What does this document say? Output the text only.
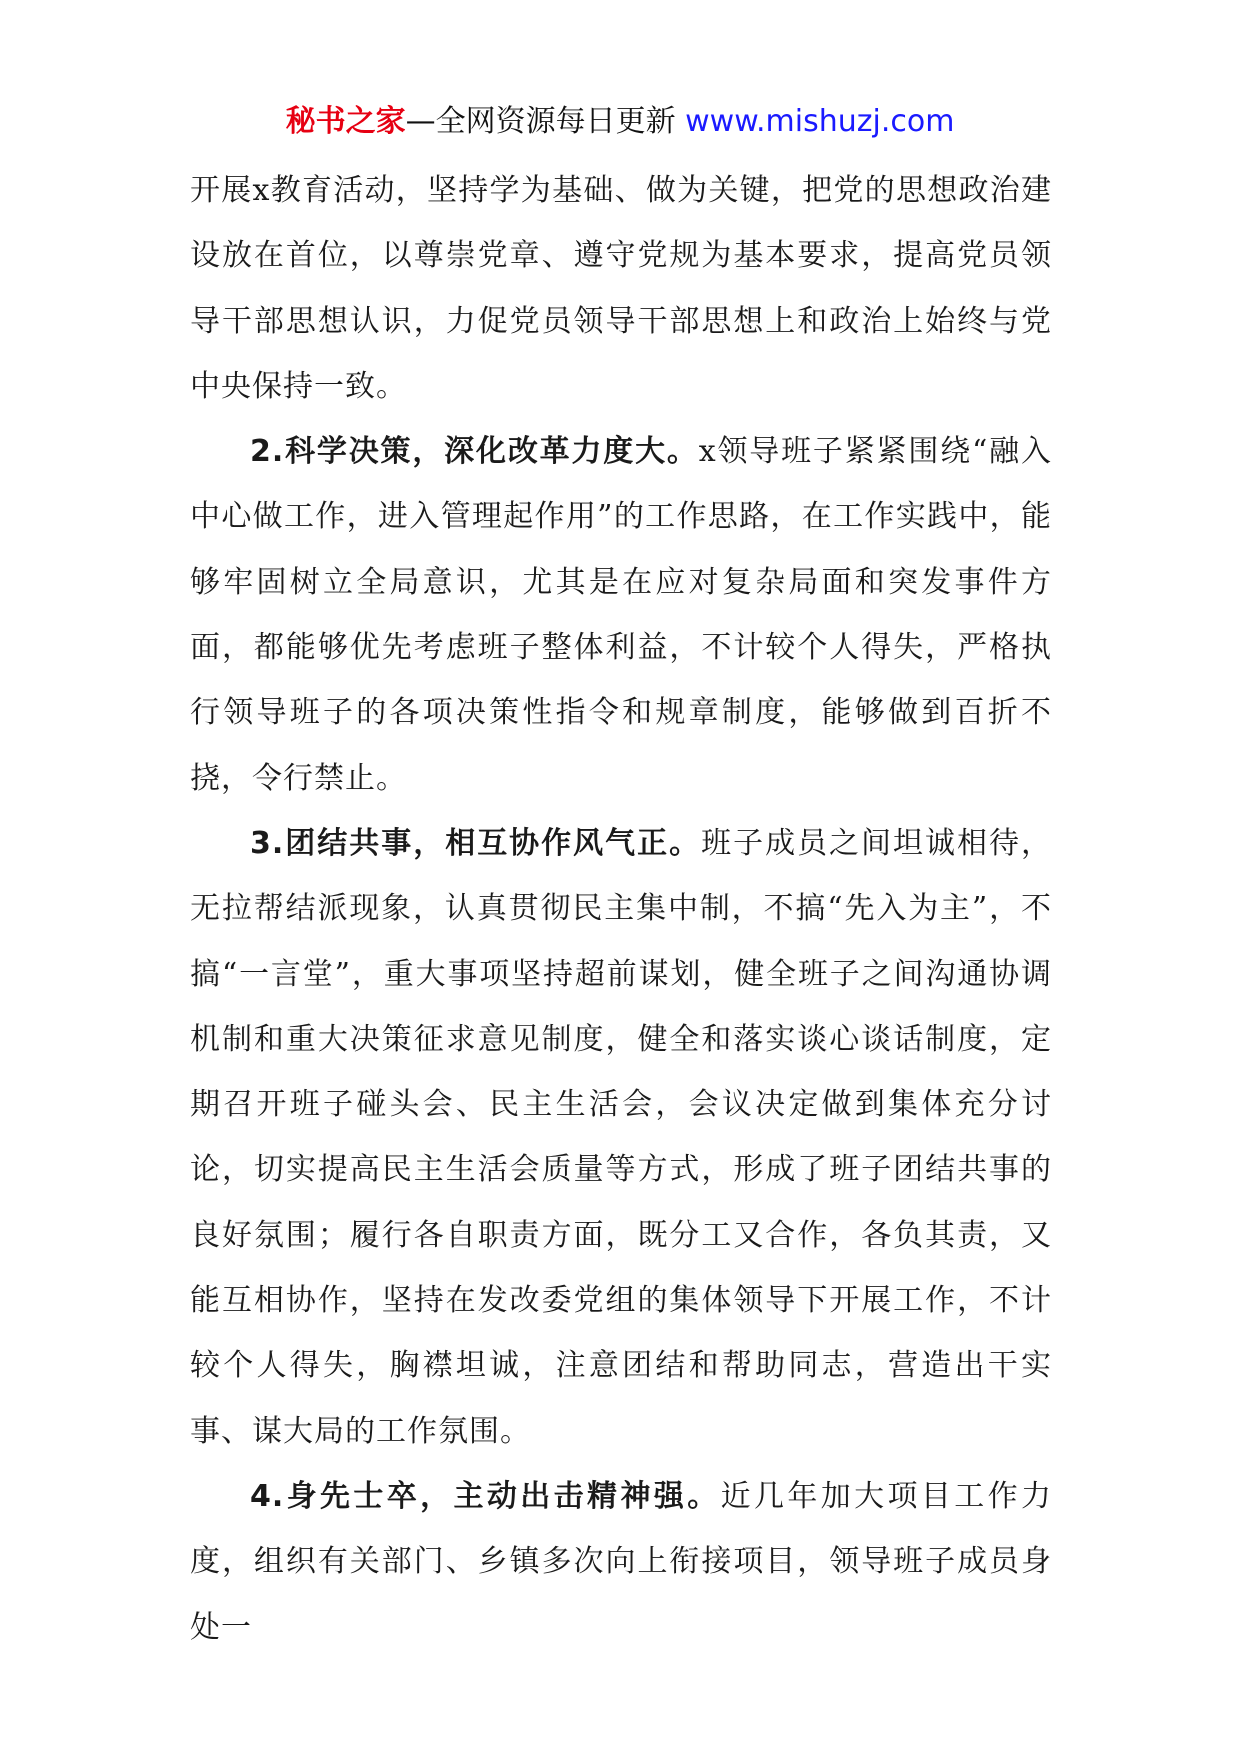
秘书之家—全网资源每日更新 www.mishuzj.com

开展x教育活动，坚持学为基础、做为关键，把党的思想政治建设放在首位，以尊崇党章、遵守党规为基本要求，提高党员领导干部思想认识，力促党员领导干部思想上和政治上始终与党中央保持一致。

2.科学决策，深化改革力度大。x领导班子紧紧围绕“融入中心做工作，进入管理起作用”的工作思路，在工作实践中，能够牢固树立全局意识，尤其是在应对复杂局面和突发事件方面，都能够优先考虑班子整体利益，不计较个人得失，严格执行领导班子的各项决策性指令和规章制度，能够做到百折不挠，令行禁止。

3.团结共事，相互协作风气正。班子成员之间坦诚相待，无拉帮结派现象，认真贯彻民主集中制，不搞“先入为主”，不搞“一言堂”，重大事项坚持超前谋划，健全班子之间沟通协调机制和重大决策征求意见制度，健全和落实谈心谈话制度，定期召开班子碰头会、民主生活会，会议决定做到集体充分讨论，切实提高民主生活会质量等方式，形成了班子团结共事的良好氛围；履行各自职责方面，既分工又合作，各负其责，又能互相协作，坚持在发改委党组的集体领导下开展工作，不计较个人得失，胸襟坦诚，注意团结和帮助同志，营造出干实事、谋大局的工作氛围。

4.身先士卒，主动出击精神强。近几年加大项目工作力度，组织有关部门、乡镇多次向上衔接项目，领导班子成员身处一
